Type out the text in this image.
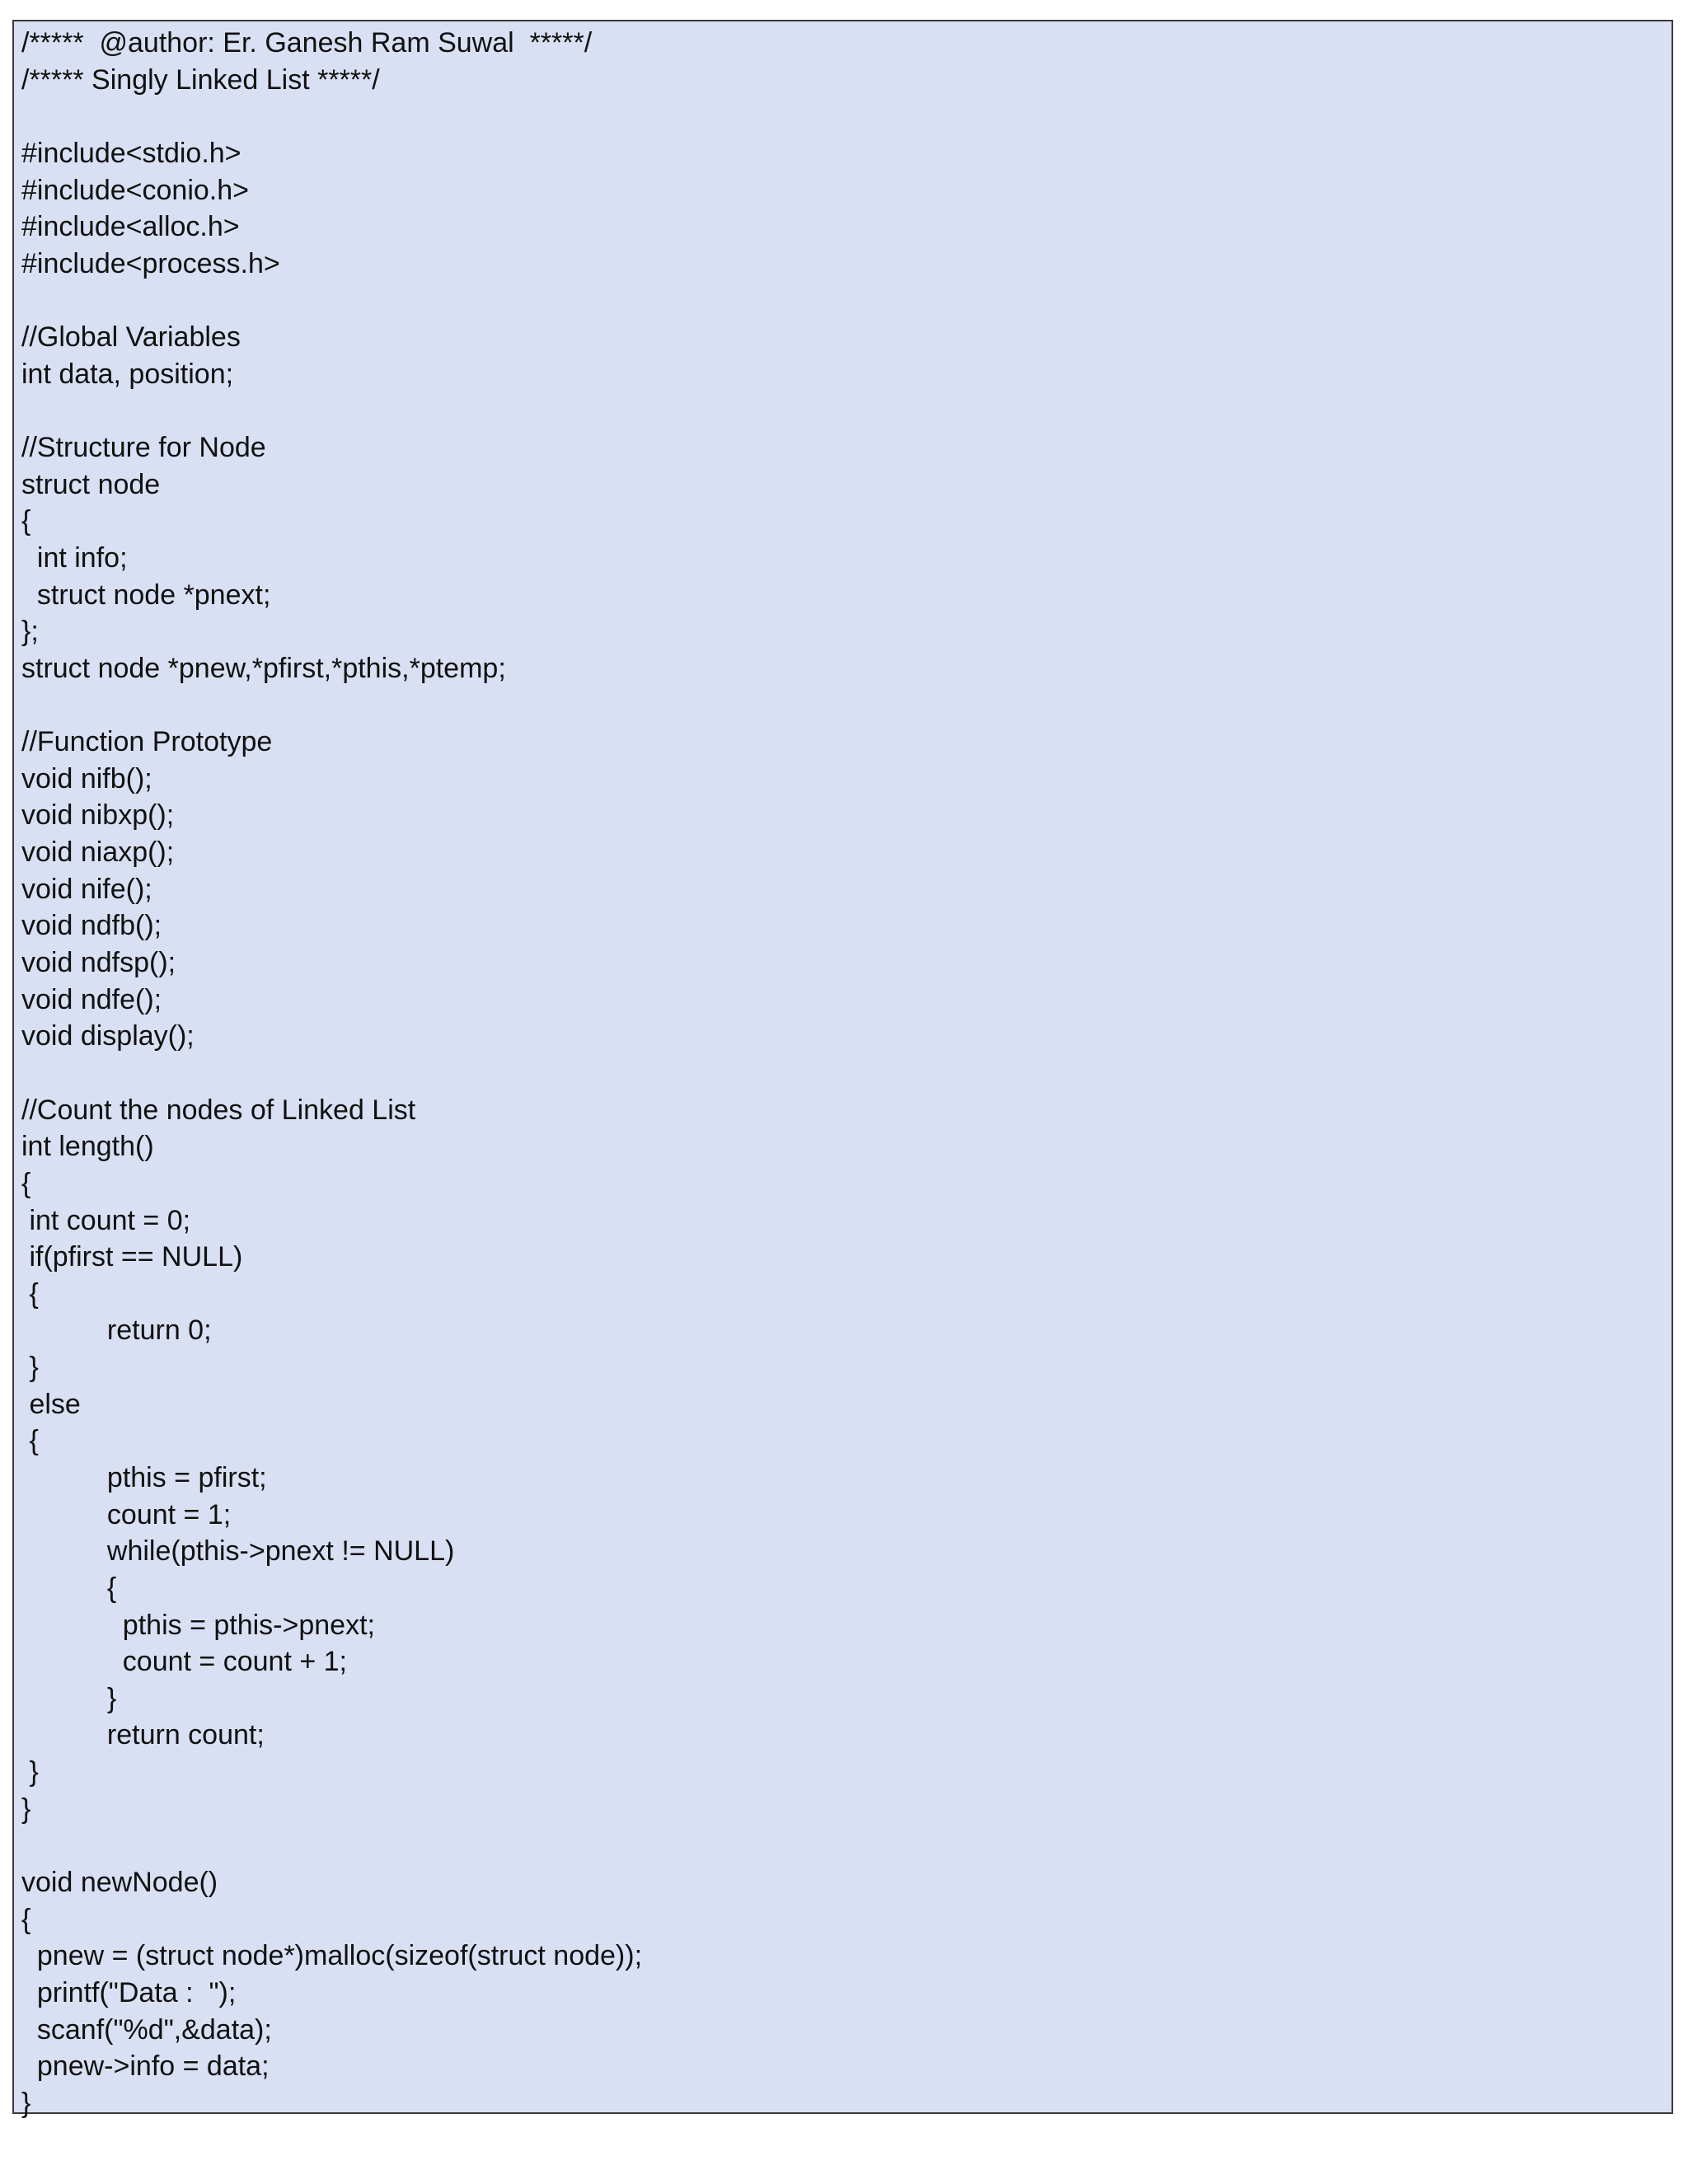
/*****  @author: Er. Ganesh Ram Suwal  *****/
/***** Singly Linked List *****/
#include<stdio.h>
#include<conio.h>
#include<alloc.h>
#include<process.h>
//Global Variables
int data, position;
//Structure for Node
struct node
{
int info;
struct node *pnext;
};
struct node *pnew,*pfirst,*pthis,*ptemp;
//Function Prototype
void nifb();
void nibxp();
void niaxp();
void nife();
void ndfb();
void ndfsp();
void ndfe();
void display();
//Count the nodes of Linked List
int length()
{
int count = 0;
if(pfirst == NULL)
{
return 0;
}
else
{
pthis = pfirst;
count = 1;
while(pthis->pnext != NULL)
{
pthis = pthis->pnext;
count = count + 1;
}
return count;
}
}
void newNode()
{
pnew = (struct node*)malloc(sizeof(struct node));
printf("Data :  ");
scanf("%d",&data);
pnew->info = data;
}
